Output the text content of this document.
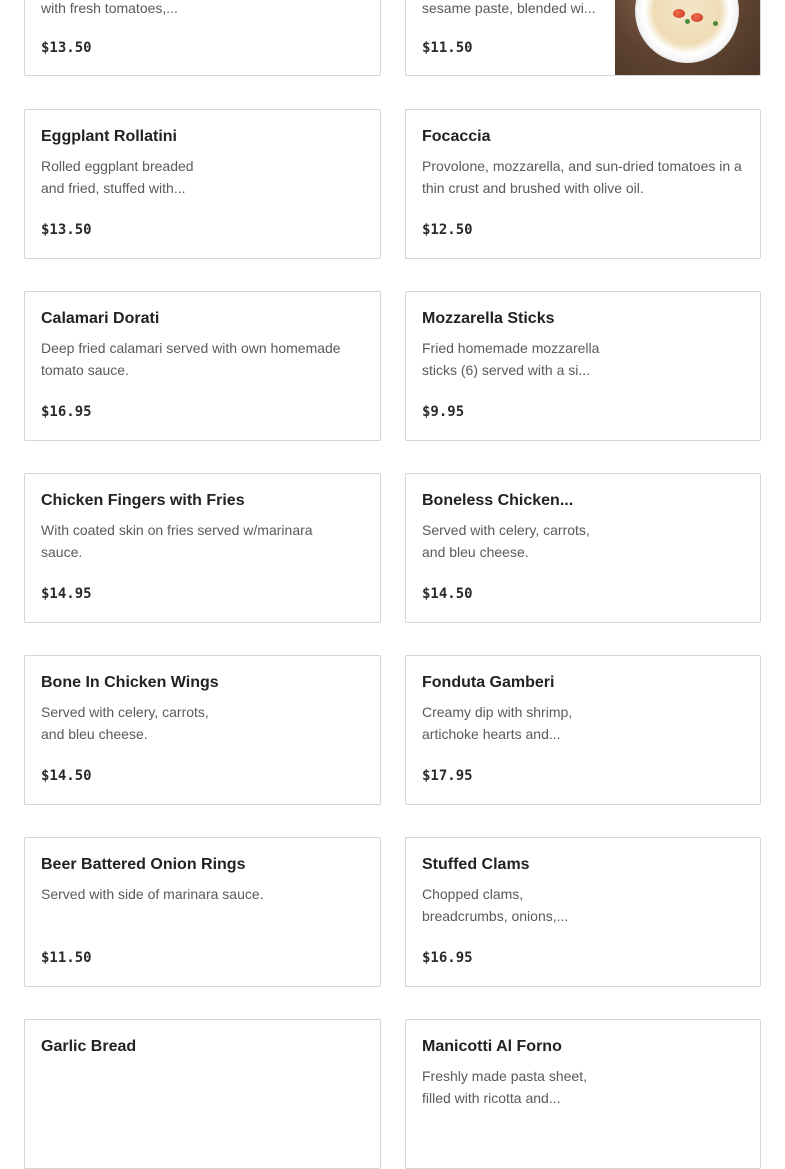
with fresh tomatoes,...
$13.50
sesame paste, blended wi...
$11.50
Eggplant Rollatini
Rolled eggplant breaded and fried, stuffed with...
$13.50
Focaccia
Provolone, mozzarella, and sun-dried tomatoes in a thin crust and brushed with olive oil.
$12.50
Calamari Dorati
Deep fried calamari served with own homemade tomato sauce.
$16.95
Mozzarella Sticks
Fried homemade mozzarella sticks (6) served with a si...
$9.95
Chicken Fingers with Fries
With coated skin on fries served w/marinara sauce.
$14.95
Boneless Chicken...
Served with celery, carrots, and bleu cheese.
$14.50
Bone In Chicken Wings
Served with celery, carrots, and bleu cheese.
$14.50
Fonduta Gamberi
Creamy dip with shrimp, artichoke hearts and...
$17.95
Beer Battered Onion Rings
Served with side of marinara sauce.
$11.50
Stuffed Clams
Chopped clams, breadcrumbs, onions,...
$16.95
Garlic Bread	Manicotti Al Forno
Freshly made pasta sheet, filled with ricotta and...
